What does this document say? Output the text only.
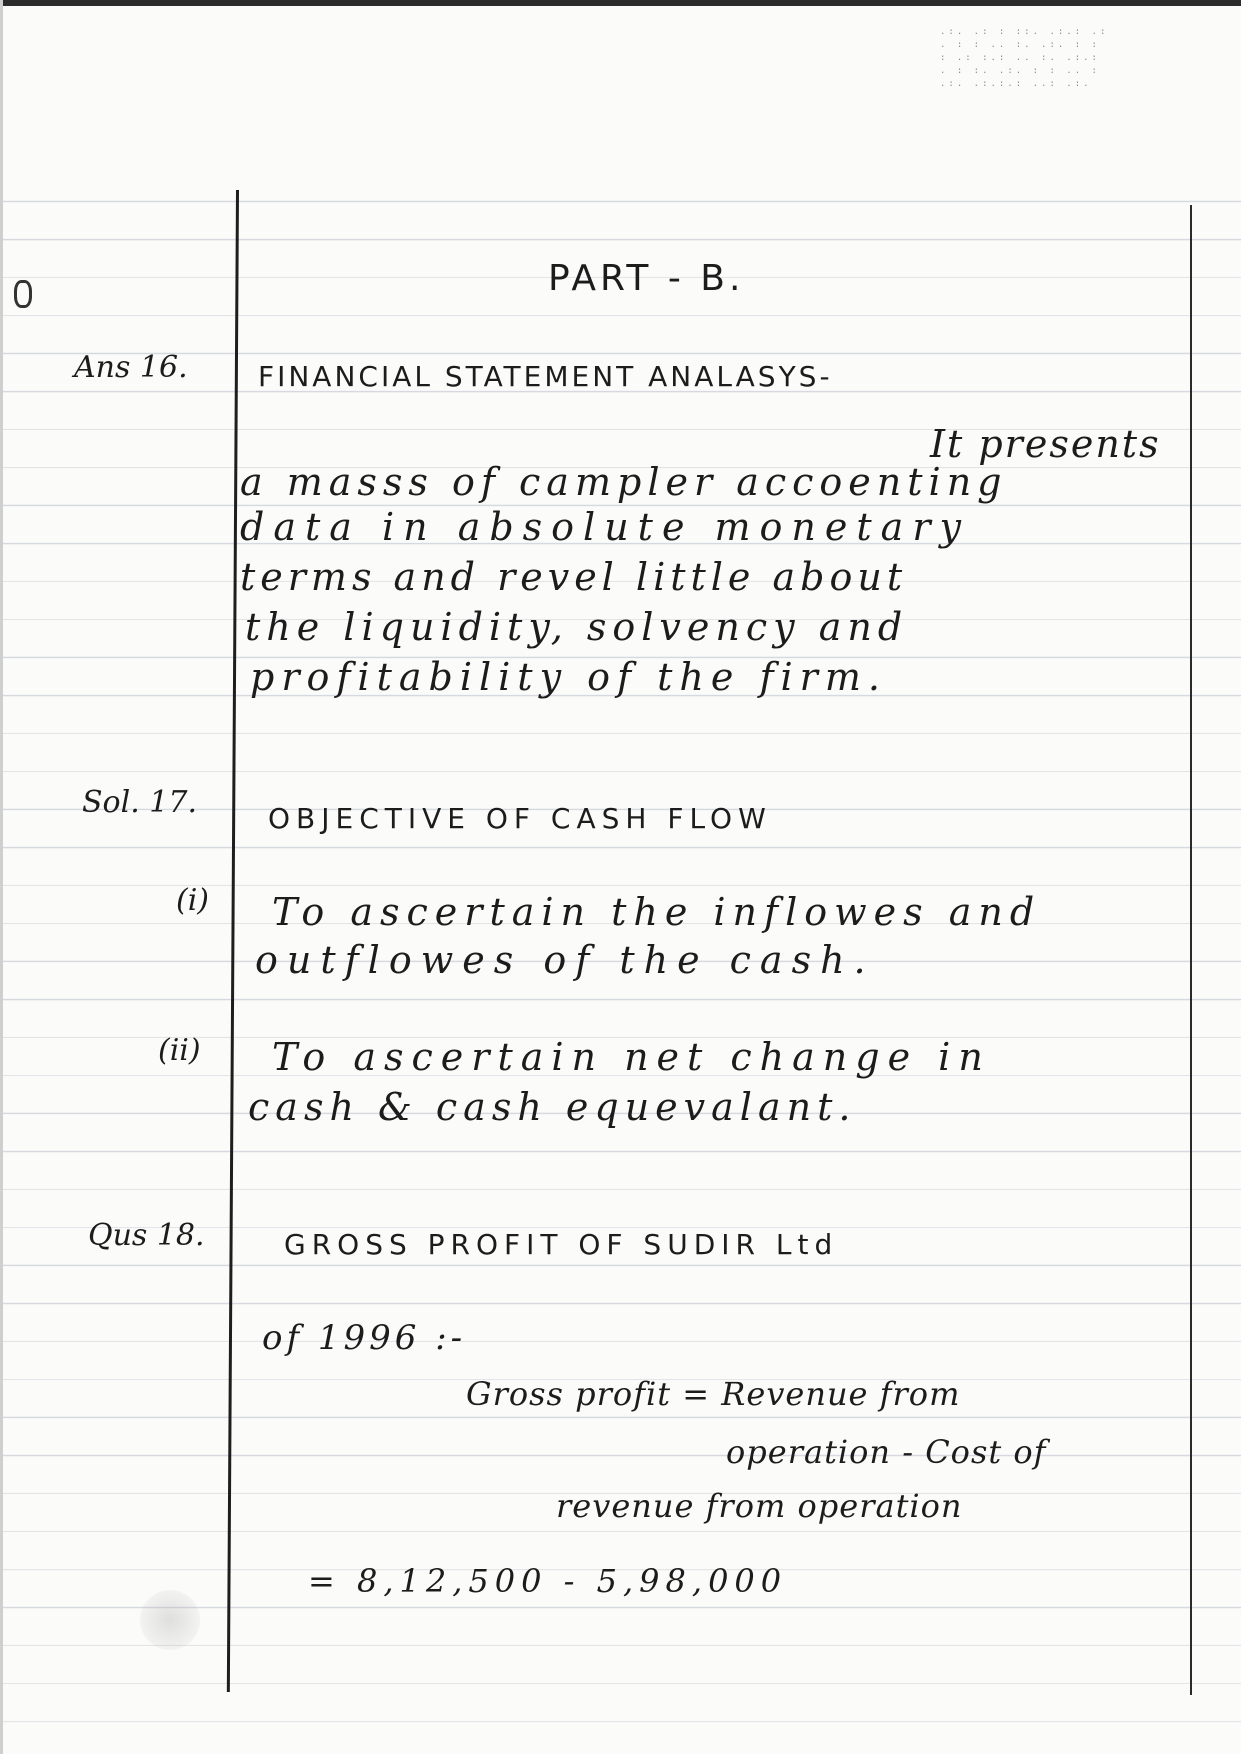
.:. .: : ::. .:.: .:
. : : .. :. .:. : :
: .: :.: .. :. .:.:
. : :. .:. : : .. :
.:. .:.:.: ..: .:.
PART - B.
Ans 16.	FINANCIAL STATEMENT ANALASYS-
It presents
a masss of campler accoenting
data in absolute monetary
terms and revel little about
the liquidity, solvency and
profitability of the firm.
Sol. 17.	OBJECTIVE OF CASH FLOW
(i) To ascertain the inflowes and
outflowes of the cash.
(ii) To ascertain net change in
cash & cash equevalant.
Qus 18.	GROSS PROFIT OF SUDIR Ltd
of 1996 :-
Gross profit = Revenue from
operation - Cost of
revenue from operation
= 8,12,500 - 5,98,000
